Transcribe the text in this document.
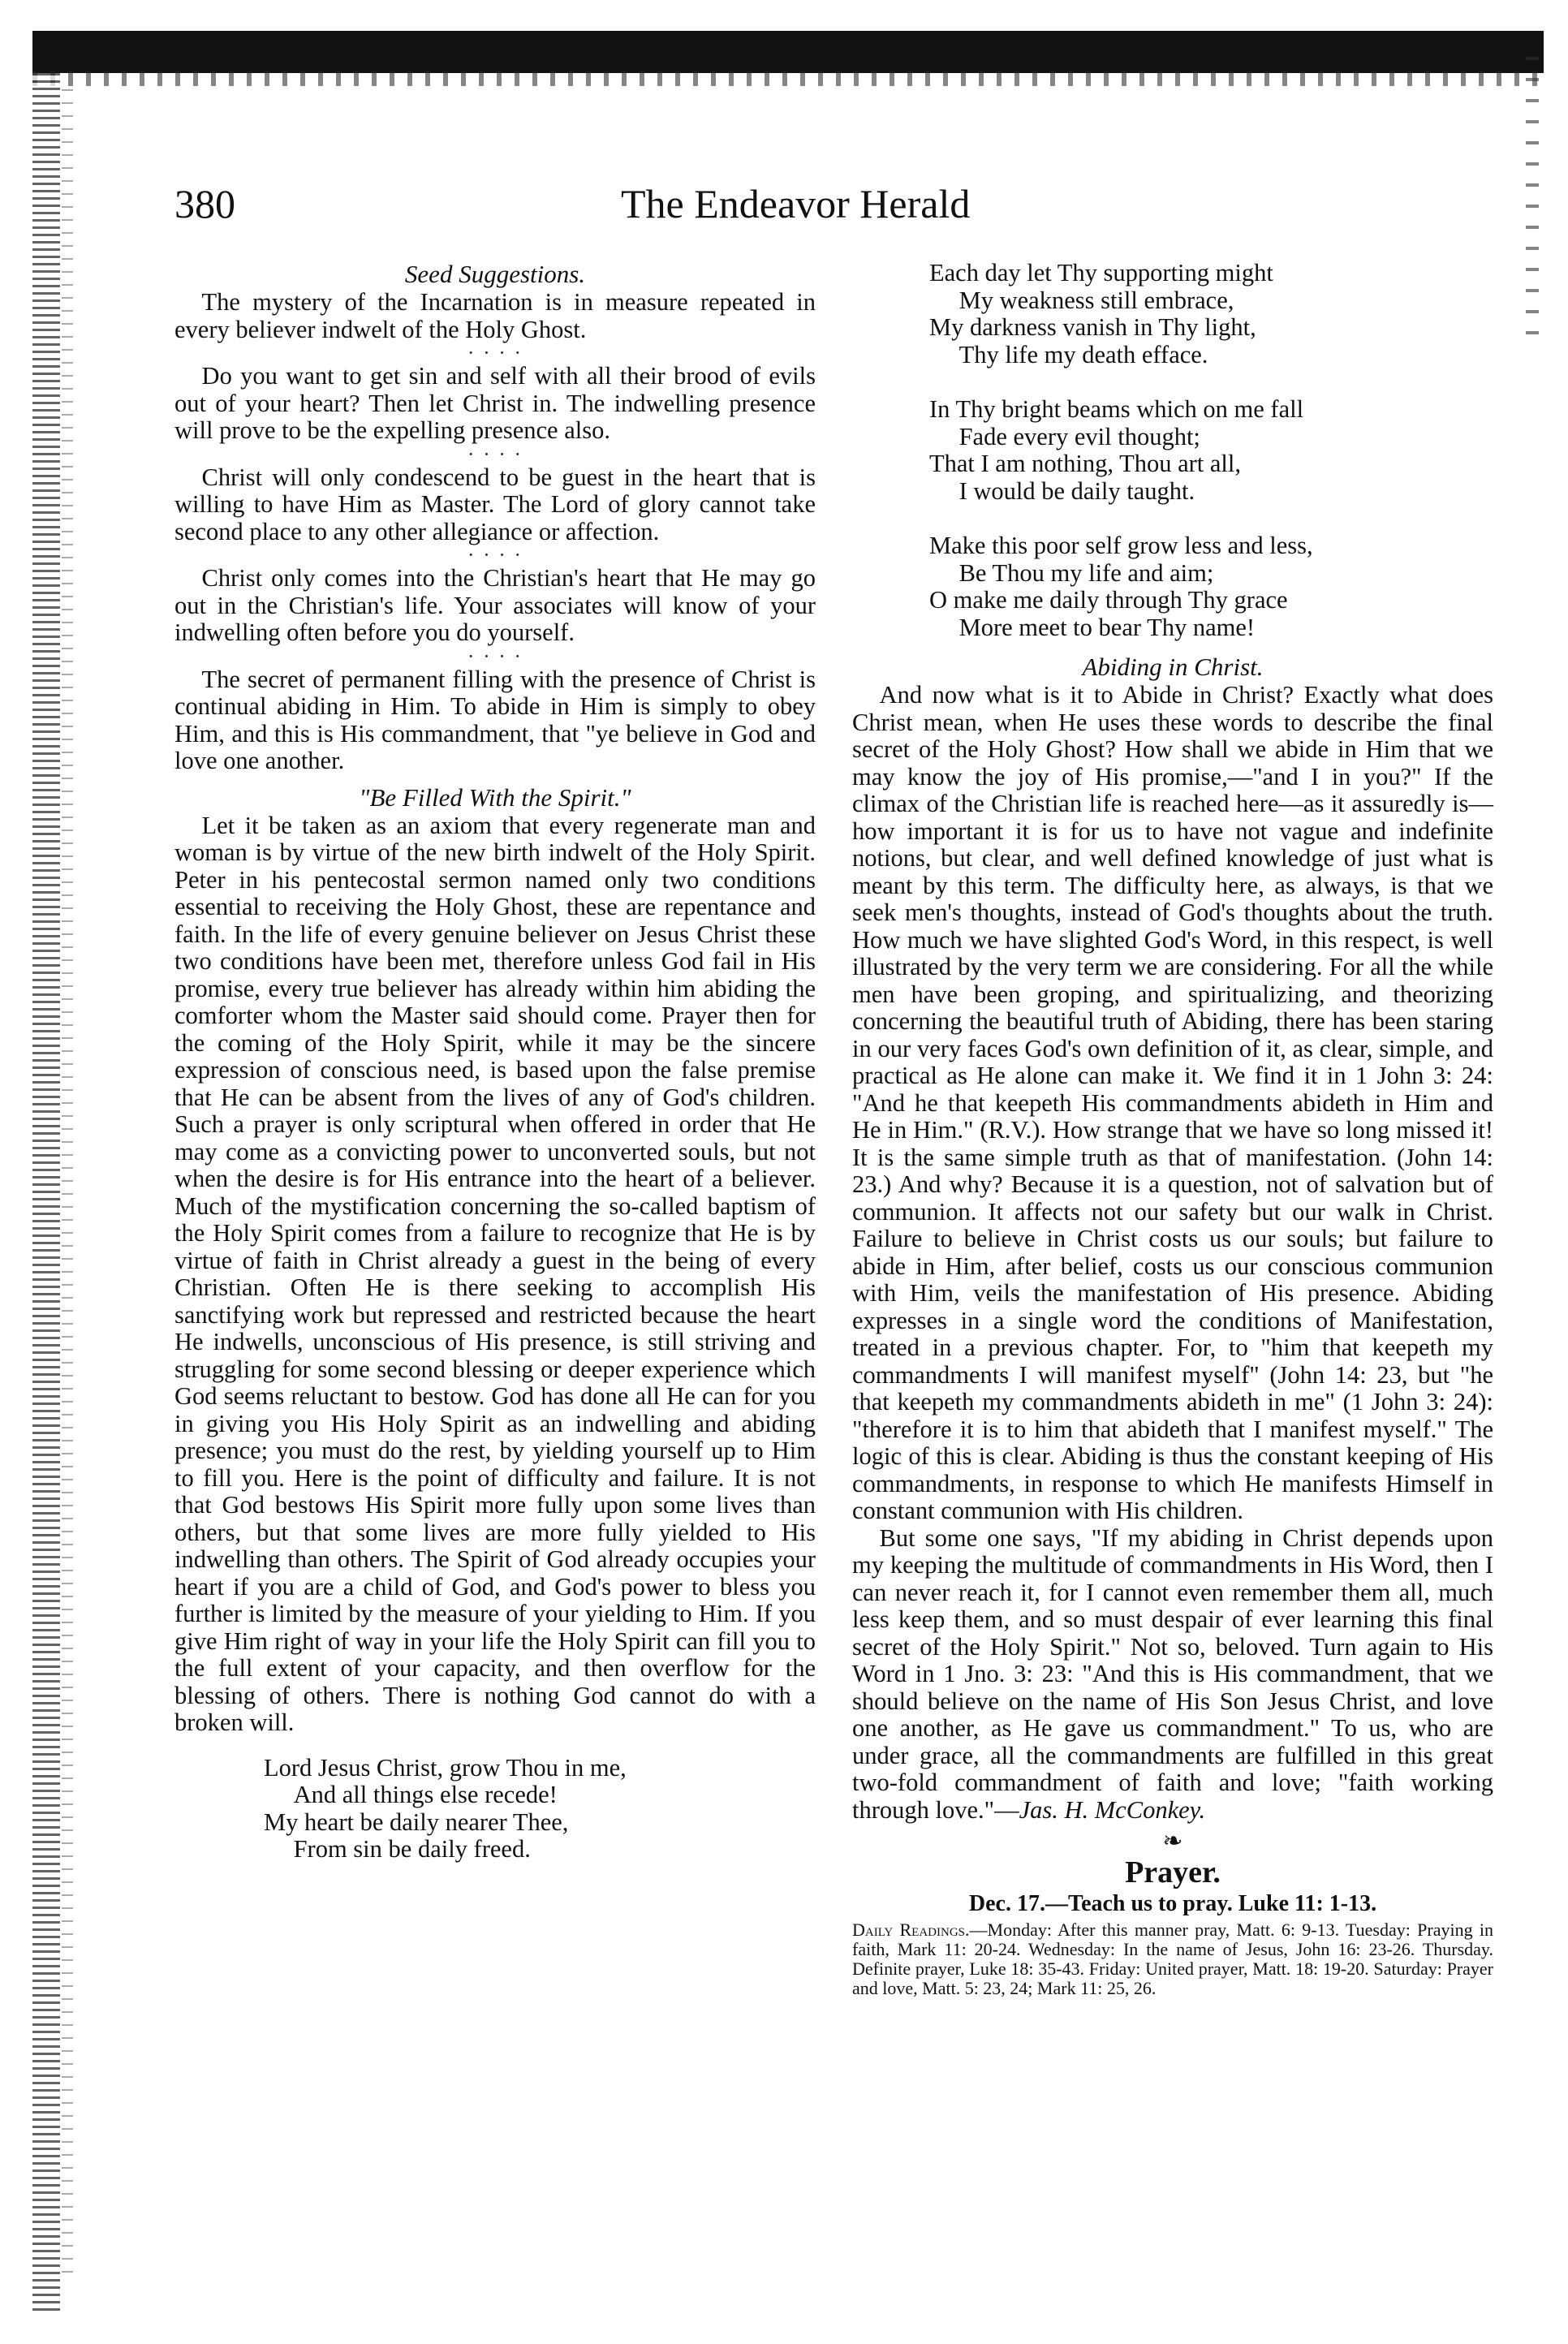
380	The Endeavor Herald
Seed Suggestions.

The mystery of the Incarnation is in measure repeated in every believer indwelt of the Holy Ghost.

· · · ·

Do you want to get sin and self with all their brood of evils out of your heart? Then let Christ in. The indwelling presence will prove to be the expelling presence also.

· · · ·

Christ will only condescend to be guest in the heart that is willing to have Him as Master. The Lord of glory cannot take second place to any other allegiance or affection.

· · · ·

Christ only comes into the Christian's heart that He may go out in the Christian's life. Your associates will know of your indwelling often before you do yourself.

· · · ·

The secret of permanent filling with the presence of Christ is continual abiding in Him. To abide in Him is simply to obey Him, and this is His commandment, that "ye believe in God and love one another.

"Be Filled With the Spirit."

Let it be taken as an axiom that every regenerate man and woman is by virtue of the new birth indwelt of the Holy Spirit. Peter in his pentecostal sermon named only two conditions essential to receiving the Holy Ghost, these are repentance and faith. In the life of every genuine believer on Jesus Christ these two conditions have been met, therefore unless God fail in His promise, every true believer has already within him abiding the comforter whom the Master said should come. Prayer then for the coming of the Holy Spirit, while it may be the sincere expression of conscious need, is based upon the false premise that He can be absent from the lives of any of God's children. Such a prayer is only scriptural when offered in order that He may come as a convicting power to unconverted souls, but not when the desire is for His entrance into the heart of a believer. Much of the mystification concerning the so-called baptism of the Holy Spirit comes from a failure to recognize that He is by virtue of faith in Christ already a guest in the being of every Christian. Often He is there seeking to accomplish His sanctifying work but repressed and restricted because the heart He indwells, unconscious of His presence, is still striving and struggling for some second blessing or deeper experience which God seems reluctant to bestow. God has done all He can for you in giving you His Holy Spirit as an indwelling and abiding presence; you must do the rest, by yielding yourself up to Him to fill you. Here is the point of difficulty and failure. It is not that God bestows His Spirit more fully upon some lives than others, but that some lives are more fully yielded to His indwelling than others. The Spirit of God already occupies your heart if you are a child of God, and God's power to bless you further is limited by the measure of your yielding to Him. If you give Him right of way in your life the Holy Spirit can fill you to the full extent of your capacity, and then overflow for the blessing of others. There is nothing God cannot do with a broken will.

Lord Jesus Christ, grow Thou in me,
And all things else recede!
My heart be daily nearer Thee,
From sin be daily freed.
Each day let Thy supporting might
My weakness still embrace,
My darkness vanish in Thy light,
Thy life my death efface.
In Thy bright beams which on me fall
Fade every evil thought;
That I am nothing, Thou art all,
I would be daily taught.
Make this poor self grow less and less,
Be Thou my life and aim;
O make me daily through Thy grace
More meet to bear Thy name!
Abiding in Christ.

And now what is it to Abide in Christ? Exactly what does Christ mean, when He uses these words to describe the final secret of the Holy Ghost? How shall we abide in Him that we may know the joy of His promise,—"and I in you?" If the climax of the Christian life is reached here—as it assuredly is—how important it is for us to have not vague and indefinite notions, but clear, and well defined knowledge of just what is meant by this term. The difficulty here, as always, is that we seek men's thoughts, instead of God's thoughts about the truth. How much we have slighted God's Word, in this respect, is well illustrated by the very term we are considering. For all the while men have been groping, and spiritualizing, and theorizing concerning the beautiful truth of Abiding, there has been staring in our very faces God's own definition of it, as clear, simple, and practical as He alone can make it. We find it in 1 John 3: 24: "And he that keepeth His commandments abideth in Him and He in Him." (R.V.). How strange that we have so long missed it! It is the same simple truth as that of manifestation. (John 14: 23.) And why? Because it is a question, not of salvation but of communion. It affects not our safety but our walk in Christ. Failure to believe in Christ costs us our souls; but failure to abide in Him, after belief, costs us our conscious communion with Him, veils the manifestation of His presence. Abiding expresses in a single word the conditions of Manifestation, treated in a previous chapter. For, to "him that keepeth my commandments I will manifest myself" (John 14: 23, but "he that keepeth my commandments abideth in me" (1 John 3: 24): "therefore it is to him that abideth that I manifest myself." The logic of this is clear. Abiding is thus the constant keeping of His commandments, in response to which He manifests Himself in constant communion with His children.

But some one says, "If my abiding in Christ depends upon my keeping the multitude of commandments in His Word, then I can never reach it, for I cannot even remember them all, much less keep them, and so must despair of ever learning this final secret of the Holy Spirit." Not so, beloved. Turn again to His Word in 1 Jno. 3: 23: "And this is His commandment, that we should believe on the name of His Son Jesus Christ, and love one another, as He gave us commandment." To us, who are under grace, all the commandments are fulfilled in this great two-fold commandment of faith and love; "faith working through love."—Jas. H. McConkey.

❧
Prayer.
Dec. 17.—Teach us to pray. Luke 11: 1-13.

Daily Readings.—Monday: After this manner pray, Matt. 6: 9-13. Tuesday: Praying in faith, Mark 11: 20-24. Wednesday: In the name of Jesus, John 16: 23-26. Thursday. Definite prayer, Luke 18: 35-43. Friday: United prayer, Matt. 18: 19-20. Saturday: Prayer and love, Matt. 5: 23, 24; Mark 11: 25, 26.
